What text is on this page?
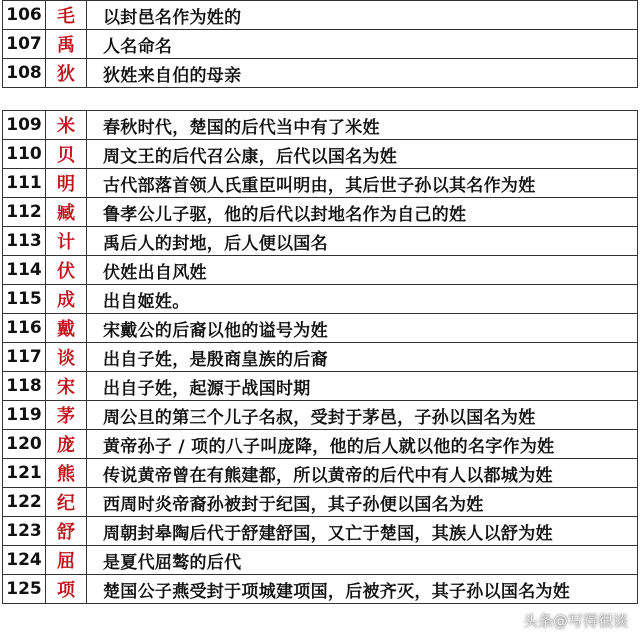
106	毛	以封邑名作为姓的
107	禹	人名命名
108	狄	狄姓来自伯的母亲
109	米	春秋时代，楚国的后代当中有了米姓
110	贝	周文王的后代召公康，后代以国名为姓
111	明	古代部落首领人氏重臣叫明由，其后世子孙以其名作为姓
112	臧	鲁孝公儿子驱，他的后代以封地名作为自己的姓
113	计	禹后人的封地，后人便以国名
114	伏	伏姓出自风姓
115	成	出自姬姓。
116	戴	宋戴公的后裔以他的谥号为姓
117	谈	出自子姓，是殷商皇族的后裔
118	宋	出自子姓，起源于战国时期
119	茅	周公旦的第三个儿子名叔，受封于茅邑，子孙以国名为姓
120	庞	黄帝孙子 / 项的八子叫庞降，他的后人就以他的名字作为姓
121	熊	传说黄帝曾在有熊建都，所以黄帝的后代中有人以都城为姓
122	纪	西周时炎帝裔孙被封于纪国，其子孙便以国名为姓
123	舒	周朝封皋陶后代于舒建舒国，又亡于楚国，其族人以舒为姓
124	屈	是夏代屈骜的后代
125	项	楚国公子燕受封于项城建项国，后被齐灭，其子孙以国名为姓
头条@写得很谈
